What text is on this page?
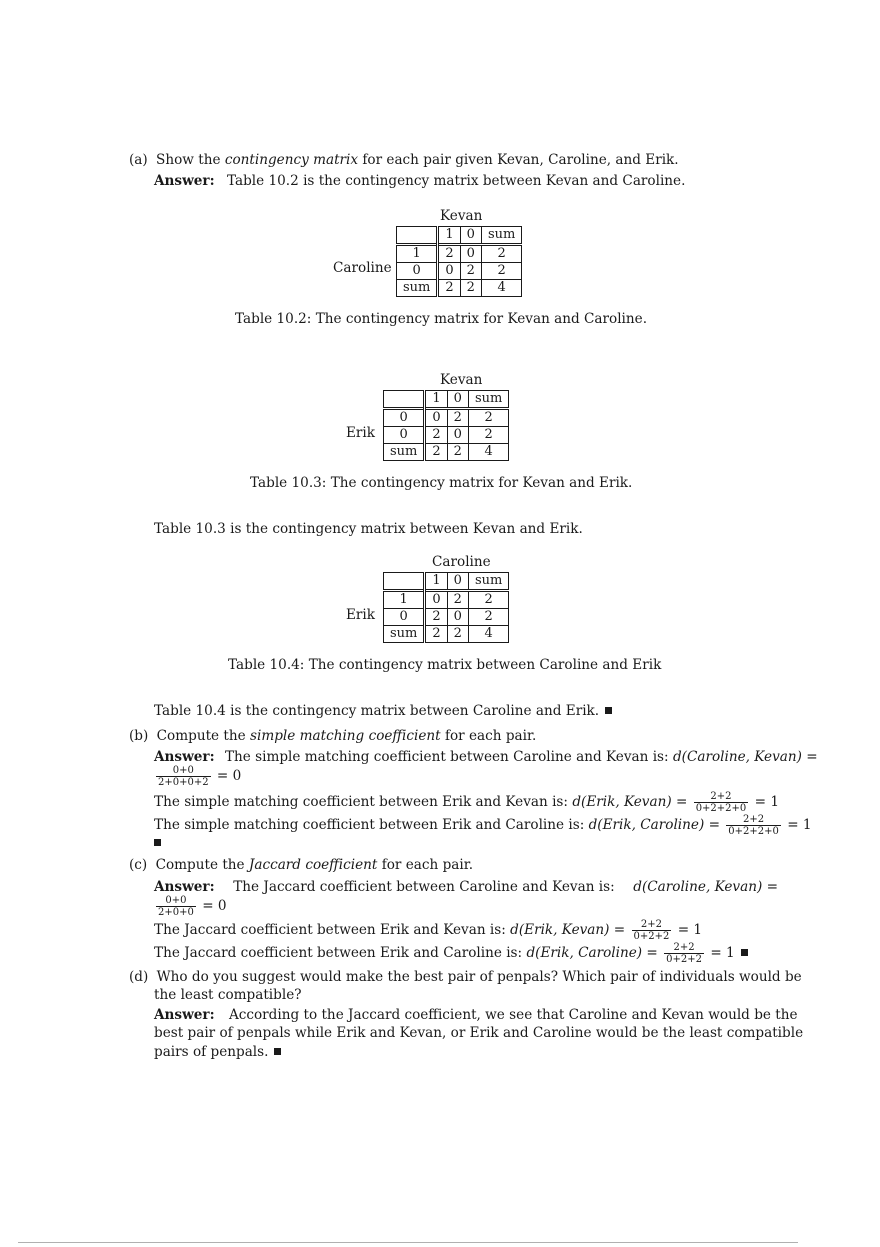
(a) Show the contingency matrix for each pair given Kevan, Caroline, and Erik.
Answer: Table 10.2 is the contingency matrix between Kevan and Caroline.
Kevan
Caroline
	1	0	sum
1	2	0	2
0	0	2	2
sum	2	2	4
Table 10.2: The contingency matrix for Kevan and Caroline.
Kevan
Erik
	1	0	sum
0	0	2	2
0	2	0	2
sum	2	2	4
Table 10.3: The contingency matrix for Kevan and Erik.
Table 10.3 is the contingency matrix between Kevan and Erik.
Caroline
Erik
	1	0	sum
1	0	2	2
0	2	0	2
sum	2	2	4
Table 10.4: The contingency matrix between Caroline and Erik
Table 10.4 is the contingency matrix between Caroline and Erik.
(b) Compute the simple matching coefficient for each pair.
Answer: The simple matching coefficient between Caroline and Kevan is: d(Caroline, Kevan) =
$\frac{0+0}{2+0+0+2} = 0$
The simple matching coefficient between Erik and Kevan is: d(Erik, Kevan) = $\frac{2+2}{0+2+2+0} = 1$
The simple matching coefficient between Erik and Caroline is: d(Erik, Caroline) = $\frac{2+2}{0+2+2+0} = 1$
(c) Compute the Jaccard coefficient for each pair.
Answer: The Jaccard coefficient between Caroline and Kevan is: d(Caroline, Kevan) =
$\frac{0+0}{2+0+0} = 0$
The Jaccard coefficient between Erik and Kevan is: d(Erik, Kevan) = $\frac{2+2}{0+2+2} = 1$
The Jaccard coefficient between Erik and Caroline is: d(Erik, Caroline) = $\frac{2+2}{0+2+2} = 1$
(d) Who do you suggest would make the best pair of penpals? Which pair of individuals would be
the least compatible?
Answer: According to the Jaccard coefficient, we see that Caroline and Kevan would be the
best pair of penpals while Erik and Kevan, or Erik and Caroline would be the least compatible
pairs of penpals.
